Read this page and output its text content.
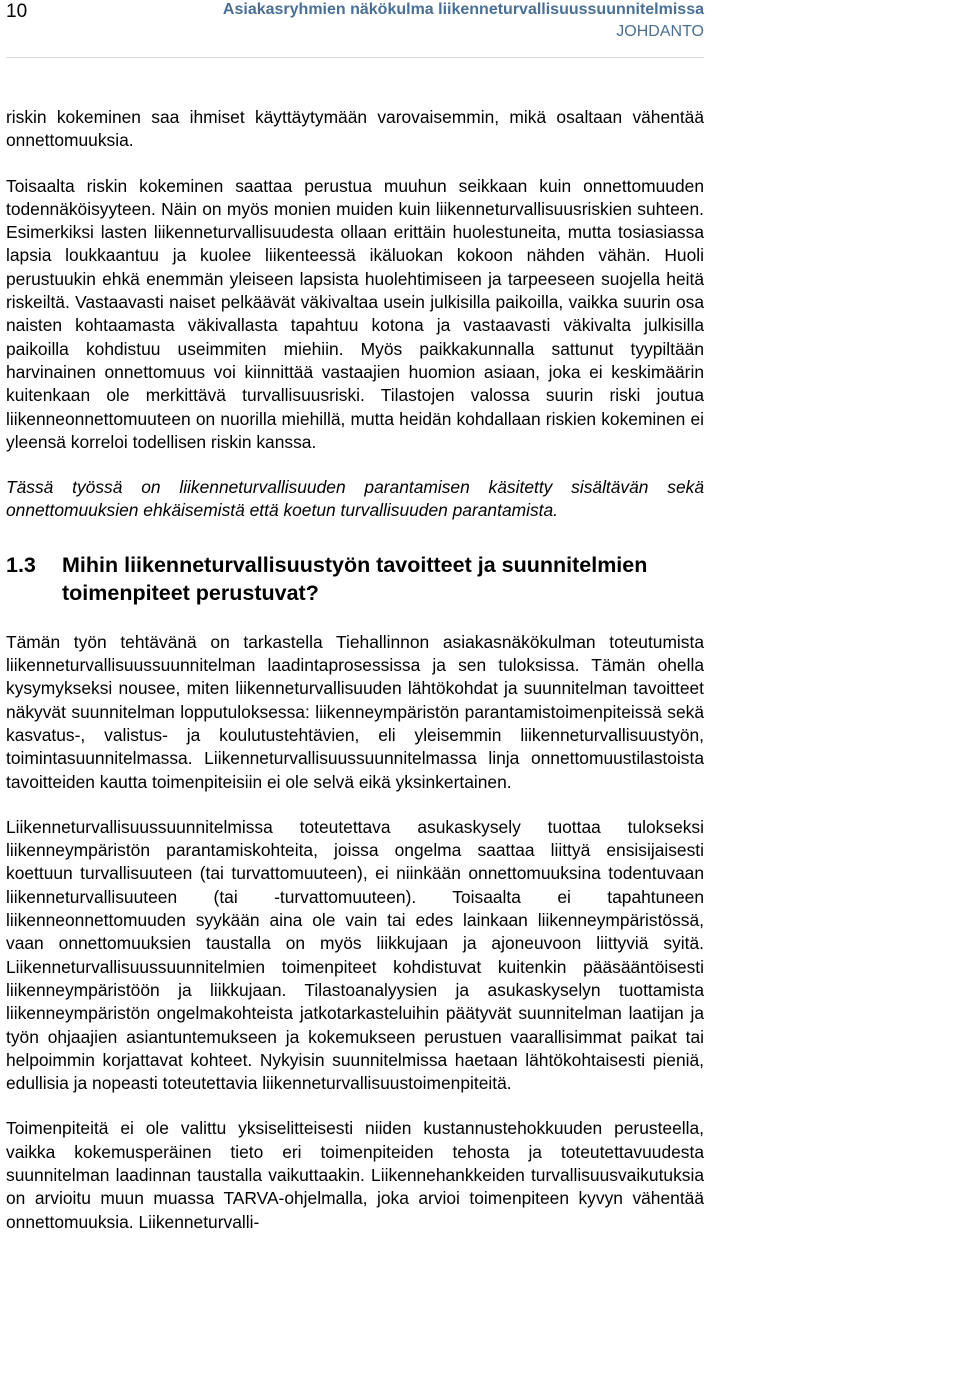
10	Asiakasryhmien näkökulma liikenneturvallisuussuunnitelmissa
JOHDANTO

riskin kokeminen saa ihmiset käyttäytymään varovaisemmin, mikä osaltaan vähentää onnettomuuksia.

Toisaalta riskin kokeminen saattaa perustua muuhun seikkaan kuin onnettomuuden todennäköisyyteen. Näin on myös monien muiden kuin liikenneturvallisuusriskien suhteen. Esimerkiksi lasten liikenneturvallisuudesta ollaan erittäin huolestuneita, mutta tosiasiassa lapsia loukkaantuu ja kuolee liikenteessä ikäluokan kokoon nähden vähän. Huoli perustuukin ehkä enemmän yleiseen lapsista huolehtimiseen ja tarpeeseen suojella heitä riskeiltä. Vastaavasti naiset pelkäävät väkivaltaa usein julkisilla paikoilla, vaikka suurin osa naisten kohtaamasta väkivallasta tapahtuu kotona ja vastaavasti väkivalta julkisilla paikoilla kohdistuu useimmiten miehiin. Myös paikkakunnalla sattunut tyypiltään harvinainen onnettomuus voi kiinnittää vastaajien huomion asiaan, joka ei keskimäärin kuitenkaan ole merkittävä turvallisuusriski. Tilastojen valossa suurin riski joutua liikenneonnettomuuteen on nuorilla miehillä, mutta heidän kohdallaan riskien kokeminen ei yleensä korreloi todellisen riskin kanssa.

Tässä työssä on liikenneturvallisuuden parantamisen käsitetty sisältävän sekä onnettomuuksien ehkäisemistä että koetun turvallisuuden parantamista.

1.3	Mihin liikenneturvallisuustyön tavoitteet ja suunnitelmien toimenpiteet perustuvat?

Tämän työn tehtävänä on tarkastella Tiehallinnon asiakasnäkökulman toteutumista liikenneturvallisuussuunnitelman laadintaprosessissa ja sen tuloksissa. Tämän ohella kysymykseksi nousee, miten liikenneturvallisuuden lähtökohdat ja suunnitelman tavoitteet näkyvät suunnitelman lopputuloksessa: liikenneympäristön parantamistoimenpiteissä sekä kasvatus-, valistus- ja koulutustehtävien, eli yleisemmin liikenneturvallisuustyön, toimintasuunnitelmassa. Liikenneturvallisuussuunnitelmassa linja onnettomuustilastoista tavoitteiden kautta toimenpiteisiin ei ole selvä eikä yksinkertainen.

Liikenneturvallisuussuunnitelmissa toteutettava asukaskysely tuottaa tulokseksi liikenneympäristön parantamiskohteita, joissa ongelma saattaa liittyä ensisijaisesti koettuun turvallisuuteen (tai turvattomuuteen), ei niinkään onnettomuuksina todentuvaan liikenneturvallisuuteen (tai -turvattomuuteen). Toisaalta ei tapahtuneen liikenneonnettomuuden syykään aina ole vain tai edes lainkaan liikenneympäristössä, vaan onnettomuuksien taustalla on myös liikkujaan ja ajoneuvoon liittyviä syitä. Liikenneturvallisuussuunnitelmien toimenpiteet kohdistuvat kuitenkin pääsääntöisesti liikenneympäristöön ja liikkujaan. Tilastoanalyysien ja asukaskyselyn tuottamista liikenneympäristön ongelmakohteista jatkotarkasteluihin päätyvät suunnitelman laatijan ja työn ohjaajien asiantuntemukseen ja kokemukseen perustuen vaarallisimmat paikat tai helpoimmin korjattavat kohteet. Nykyisin suunnitelmissa haetaan lähtökohtaisesti pieniä, edullisia ja nopeasti toteutettavia liikenneturvallisuustoimenpiteitä.

Toimenpiteitä ei ole valittu yksiselitteisesti niiden kustannustehokkuuden perusteella, vaikka kokemusperäinen tieto eri toimenpiteiden tehosta ja toteutettavuudesta suunnitelman laadinnan taustalla vaikuttaakin. Liikennehankkeiden turvallisuusvaikutuksia on arvioitu muun muassa TARVA-ohjelmalla, joka arvioi toimenpiteen kyvyn vähentää onnettomuuksia. Liikenneturvalli-
